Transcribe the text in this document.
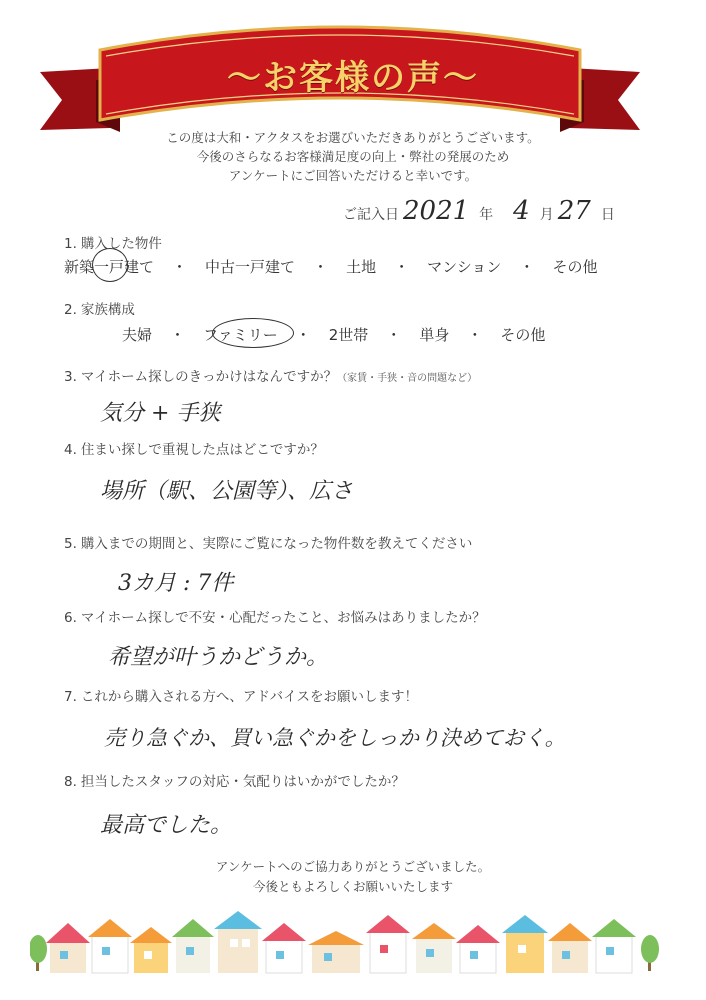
〜お客様の声〜
この度は大和・アクタスをお選びいただきありがとうございます。
今後のさらなるお客様満足度の向上・弊社の発展のため
アンケートにご回答いただけると幸いです。
ご記入日 2021 年 4 月 27 日
1. 購入した物件
新築一戸建て ・ 中古一戸建て ・ 土地 ・ マンション ・ その他
2. 家族構成
夫婦 ・ ファミリー ・ 2世帯 ・ 単身 ・ その他
3. マイホーム探しのきっかけはなんですか？（家賃・手狭・音の問題など）
気分 + 手狭
4. 住まい探しで重視した点はどこですか？
場所（駅、公園等）、広さ
5. 購入までの期間と、実際にご覧になった物件数を教えてください
3カ月 : 7件
6. マイホーム探しで不安・心配だったこと、お悩みはありましたか？
希望が叶うかどうか。
7. これから購入される方へ、アドバイスをお願いします！
売り急ぐか、買い急ぐかをしっかり決めておく。
8. 担当したスタッフの対応・気配りはいかがでしたか？
最高でした。
アンケートへのご協力ありがとうございました。
今後ともよろしくお願いいたします
